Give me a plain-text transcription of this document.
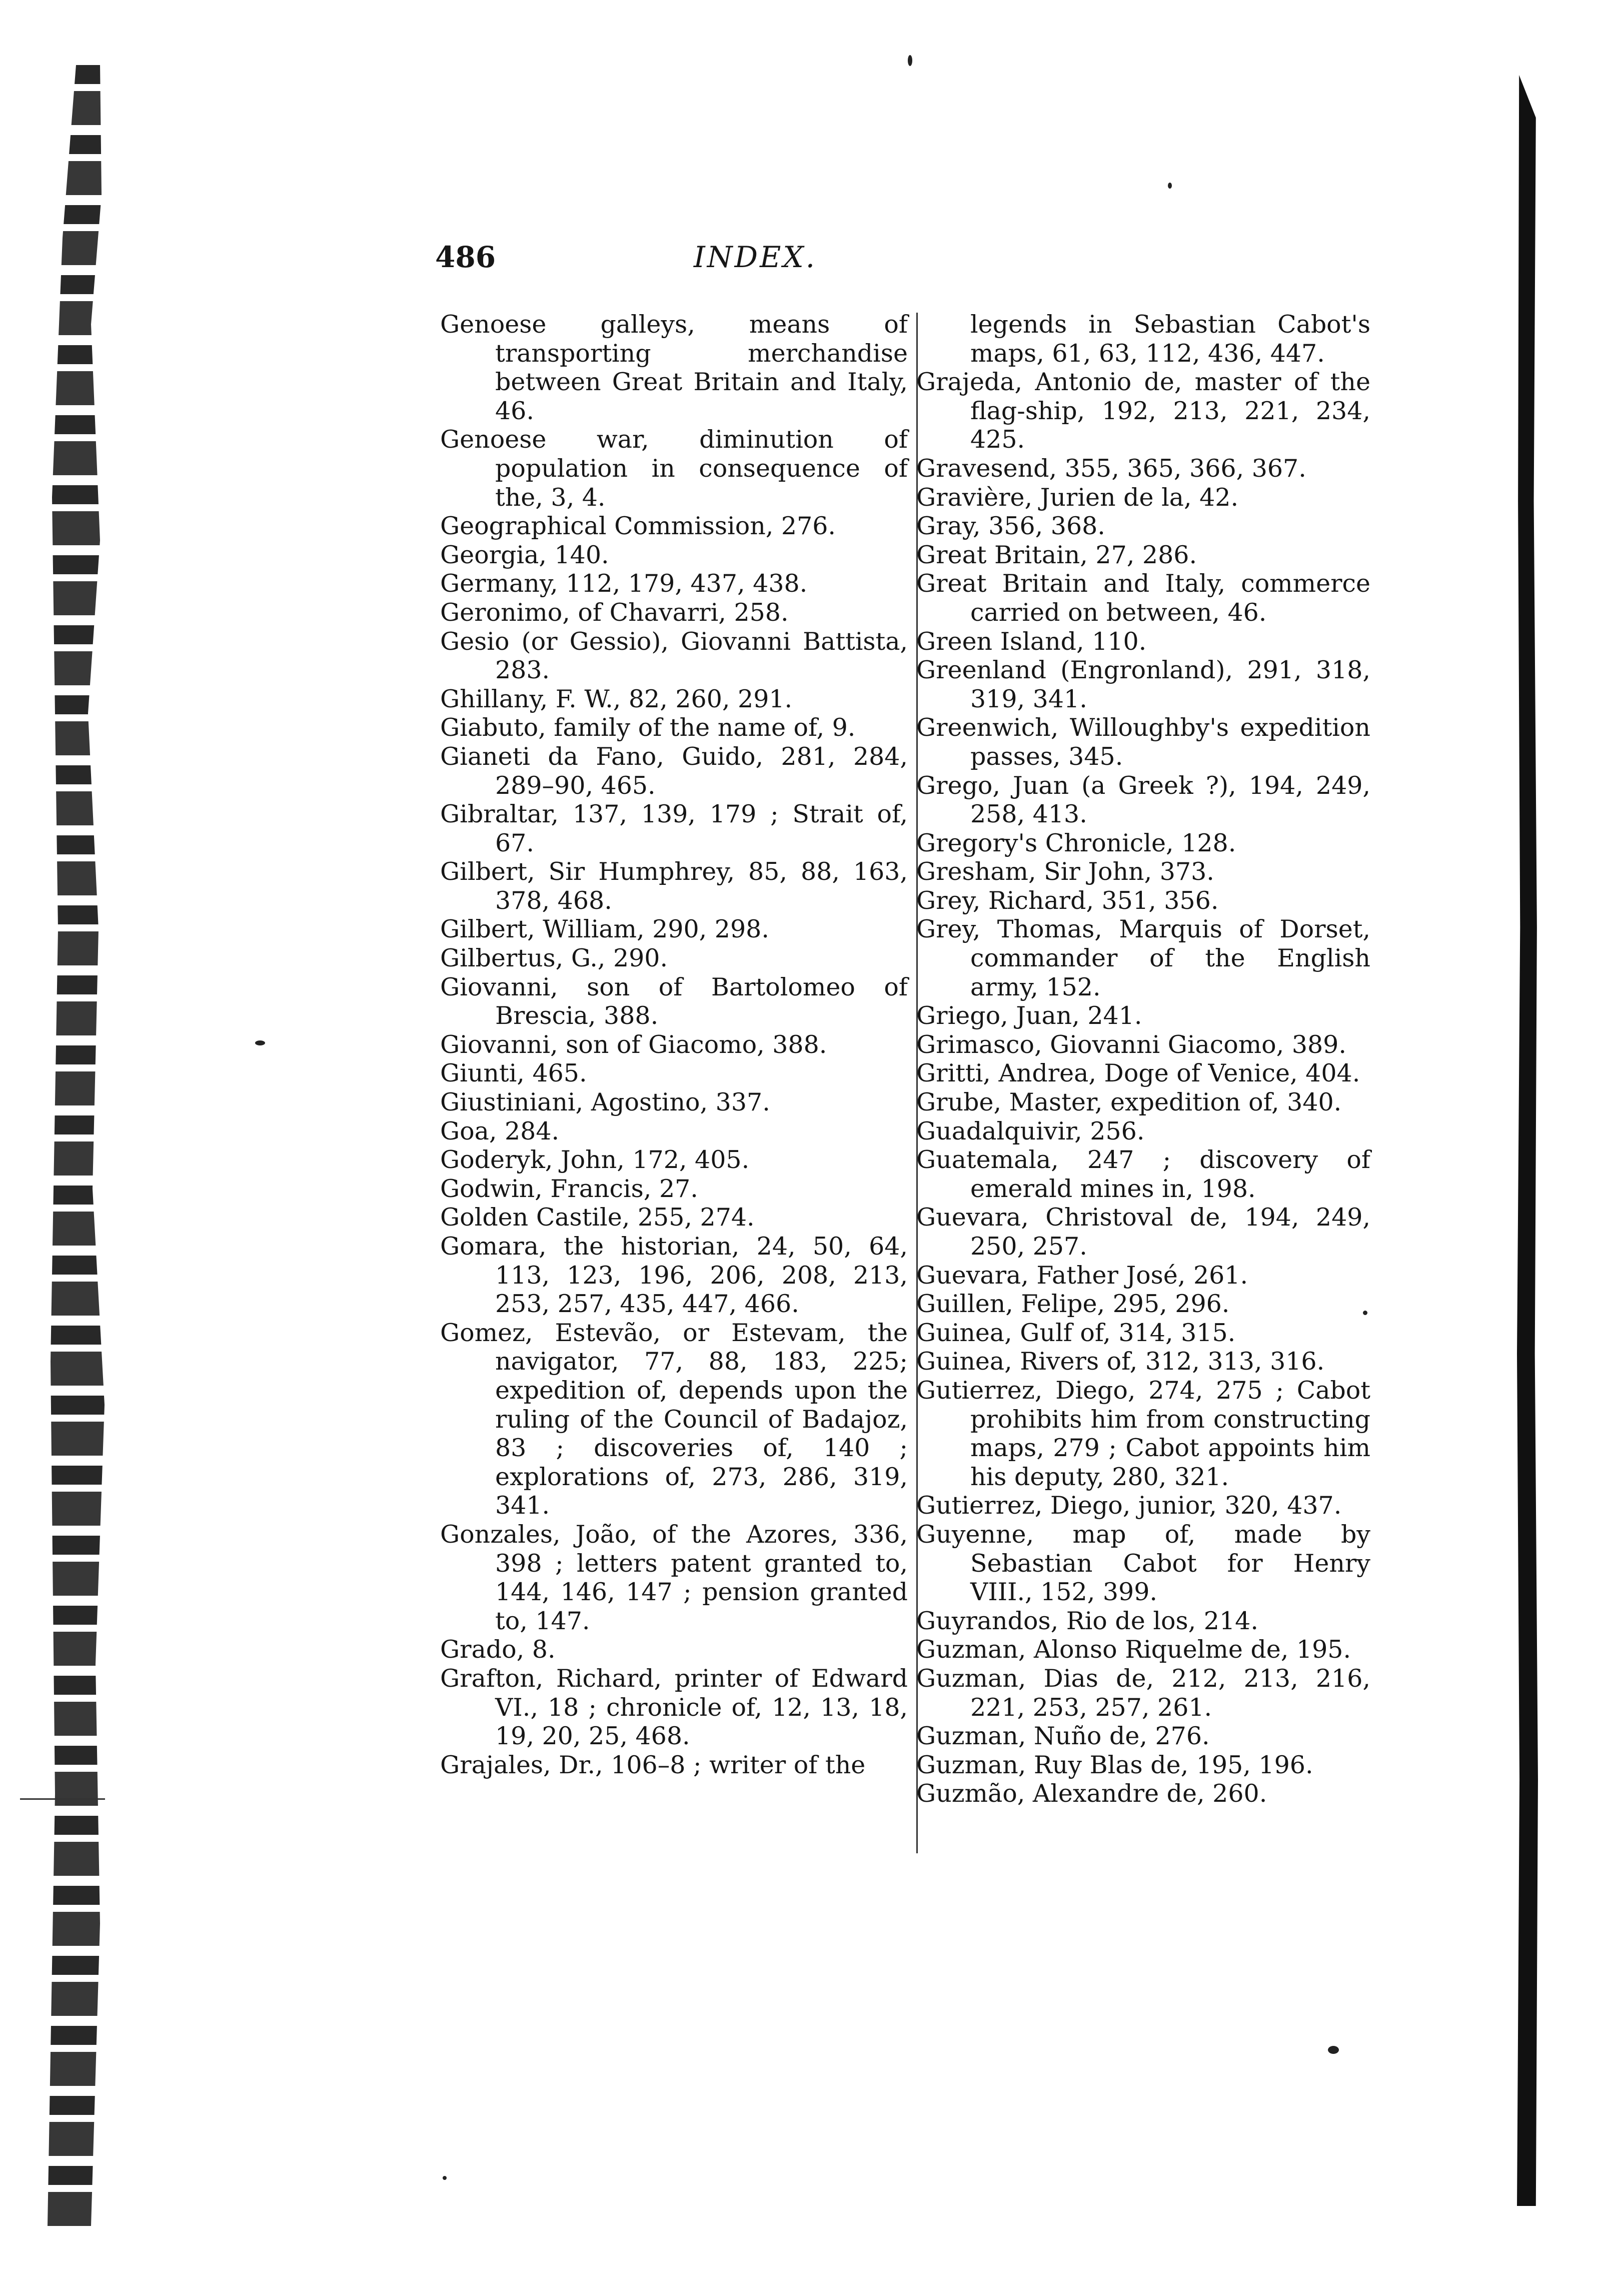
486	INDEX.
Genoese galleys, means of transporting merchandise between Great Britain and Italy, 46.
Genoese war, diminution of population in consequence of the, 3, 4.
Geographical Commission, 276.
Georgia, 140.
Germany, 112, 179, 437, 438.
Geronimo, of Chavarri, 258.
Gesio (or Gessio), Giovanni Battista, 283.
Ghillany, F. W., 82, 260, 291.
Giabuto, family of the name of, 9.
Gianeti da Fano, Guido, 281, 284, 289–90, 465.
Gibraltar, 137, 139, 179 ; Strait of, 67.
Gilbert, Sir Humphrey, 85, 88, 163, 378, 468.
Gilbert, William, 290, 298.
Gilbertus, G., 290.
Giovanni, son of Bartolomeo of Brescia, 388.
Giovanni, son of Giacomo, 388.
Giunti, 465.
Giustiniani, Agostino, 337.
Goa, 284.
Goderyk, John, 172, 405.
Godwin, Francis, 27.
Golden Castile, 255, 274.
Gomara, the historian, 24, 50, 64, 113, 123, 196, 206, 208, 213, 253, 257, 435, 447, 466.
Gomez, Estevão, or Estevam, the navigator, 77, 88, 183, 225; expedition of, depends upon the ruling of the Council of Badajoz, 83 ; discoveries of, 140 ; explorations of, 273, 286, 319, 341.
Gonzales, João, of the Azores, 336, 398 ; letters patent granted to, 144, 146, 147 ; pension granted to, 147.
Grado, 8.
Grafton, Richard, printer of Edward VI., 18 ; chronicle of, 12, 13, 18, 19, 20, 25, 468.
Grajales, Dr., 106–8 ; writer of the
legends in Sebastian Cabot's maps, 61, 63, 112, 436, 447.
Grajeda, Antonio de, master of the flag-ship, 192, 213, 221, 234, 425.
Gravesend, 355, 365, 366, 367.
Gravière, Jurien de la, 42.
Gray, 356, 368.
Great Britain, 27, 286.
Great Britain and Italy, commerce carried on between, 46.
Green Island, 110.
Greenland (Engronland), 291, 318, 319, 341.
Greenwich, Willoughby's expedition passes, 345.
Grego, Juan (a Greek ?), 194, 249, 258, 413.
Gregory's Chronicle, 128.
Gresham, Sir John, 373.
Grey, Richard, 351, 356.
Grey, Thomas, Marquis of Dorset, commander of the English army, 152.
Griego, Juan, 241.
Grimasco, Giovanni Giacomo, 389.
Gritti, Andrea, Doge of Venice, 404.
Grube, Master, expedition of, 340.
Guadalquivir, 256.
Guatemala, 247 ; discovery of emerald mines in, 198.
Guevara, Christoval de, 194, 249, 250, 257.
Guevara, Father José, 261.
Guillen, Felipe, 295, 296.
Guinea, Gulf of, 314, 315.
Guinea, Rivers of, 312, 313, 316.
Gutierrez, Diego, 274, 275 ; Cabot prohibits him from constructing maps, 279 ; Cabot appoints him his deputy, 280, 321.
Gutierrez, Diego, junior, 320, 437.
Guyenne, map of, made by Sebastian Cabot for Henry VIII., 152, 399.
Guyrandos, Rio de los, 214.
Guzman, Alonso Riquelme de, 195.
Guzman, Dias de, 212, 213, 216, 221, 253, 257, 261.
Guzman, Nuño de, 276.
Guzman, Ruy Blas de, 195, 196.
Guzmão, Alexandre de, 260.
